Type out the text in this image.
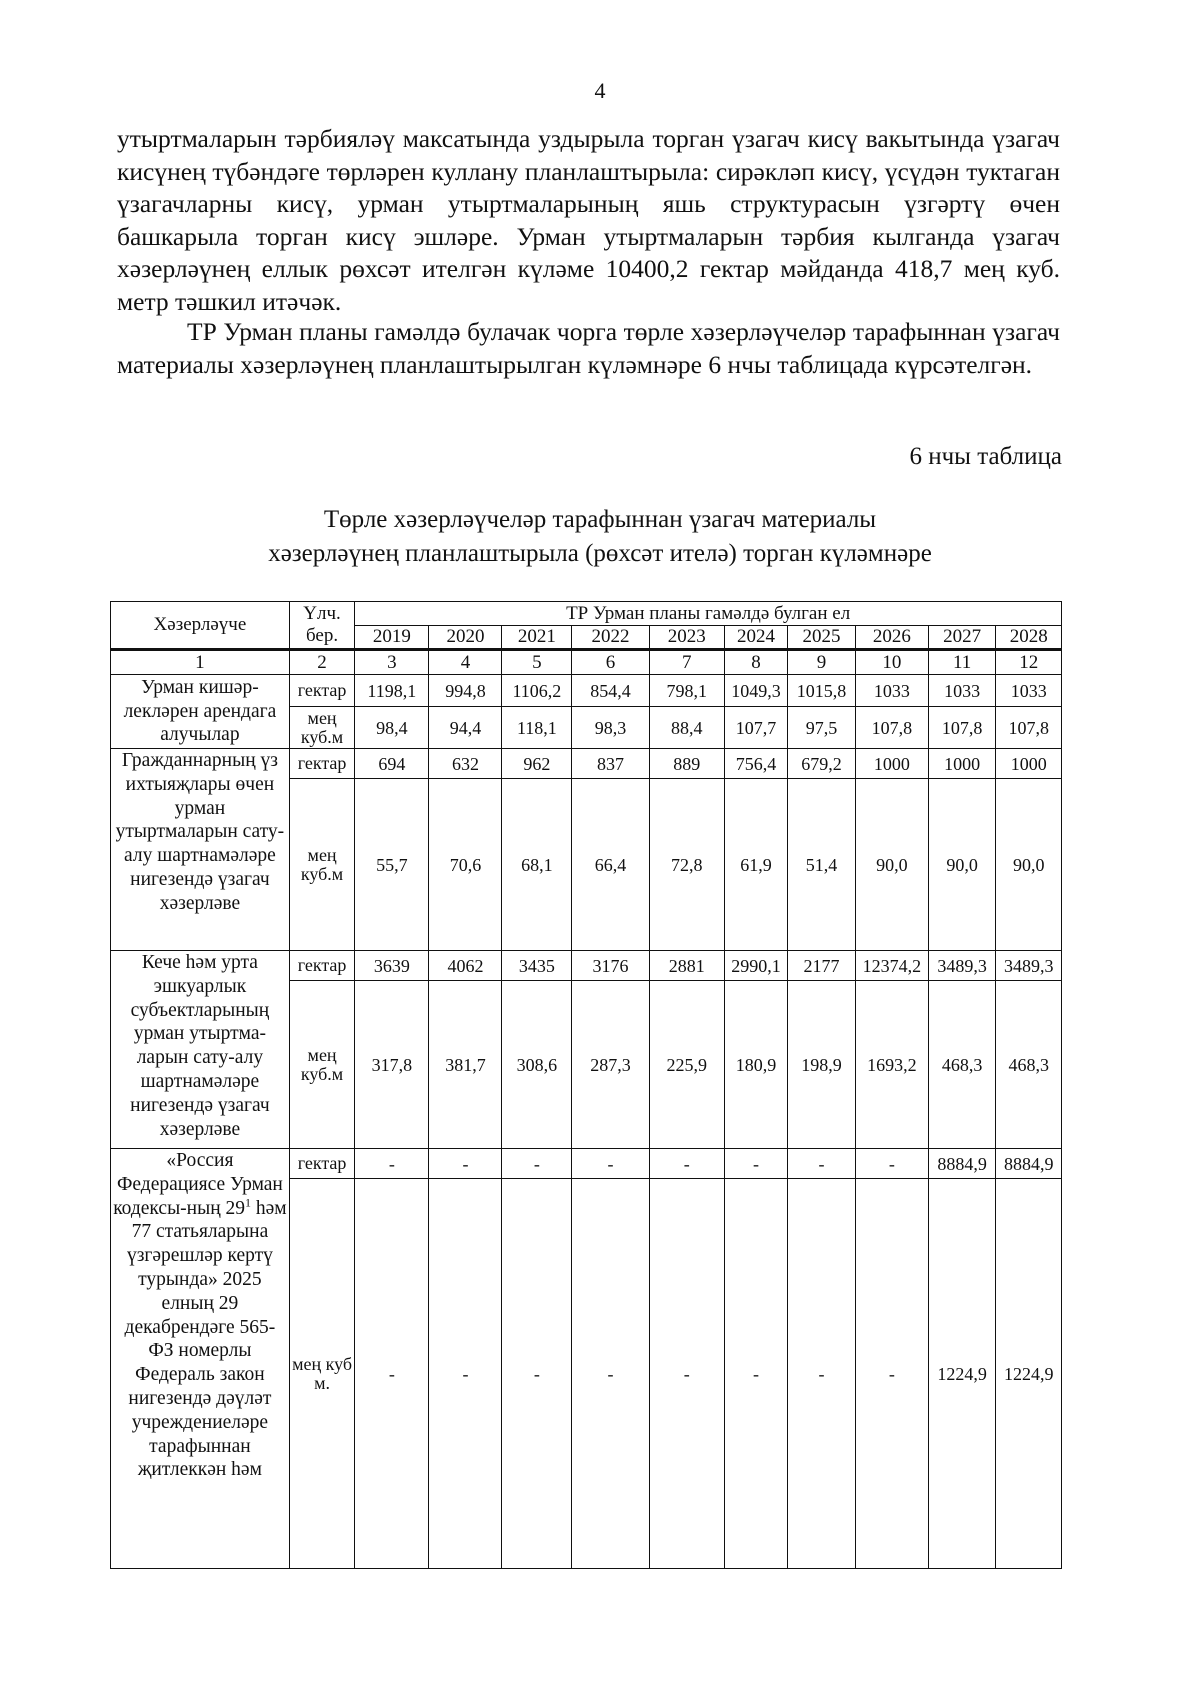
4
утыртмаларын тәрбияләү максатында уздырыла торган үзагач кисү вакытында үзагач кисүнең түбәндәге төрләрен куллану планлаштырыла: сирәкләп кисү, үсүдән туктаган үзагачларны кисү, урман утыртмаларының яшь структурасын үзгәртү өчен башкарыла торган кисү эшләре. Урман утыртмаларын тәрбия кылганда үзагач хәзерләүнең еллык рөхсәт ителгән күләме 10400,2 гектар мәйданда 418,7 мең куб. метр тәшкил итәчәк.
ТР Урман планы гамәлдә булачак чорга төрле хәзерләүчеләр тарафыннан үзагач материалы хәзерләүнең планлаштырылган күләмнәре 6 нчы таблицада күрсәтелгән.
6 нчы таблица
Төрле хәзерләүчеләр тарафыннан үзагач материалы
хәзерләүнең планлаштырыла (рөхсәт ителә) торган күләмнәре
Хәзерләүче	Үлч. бер.	ТР Урман планы гамәлдә булган ел									
		2019	2020	2021	2022	2023	2024	2025	2026	2027	2028
1	2	3	4	5	6	7	8	9	10	11	12
Урман кишәр-лекләрен арендага алучылар	гектар	1198,1	994,8	1106,2	854,4	798,1	1049,3	1015,8	1033	1033	1033
	мең куб.м	98,4	94,4	118,1	98,3	88,4	107,7	97,5	107,8	107,8	107,8
Гражданнарның үз ихтыяҗлары өчен урман утыртмаларын сату-алу шартнамәләре нигезендә үзагач хәзерләве	гектар	694	632	962	837	889	756,4	679,2	1000	1000	1000
	мең куб.м	55,7	70,6	68,1	66,4	72,8	61,9	51,4	90,0	90,0	90,0
Кече һәм урта эшкуарлык субъектларының урман утыртма-ларын сату-алу шартнамәләре нигезендә үзагач хәзерләве	гектар	3639	4062	3435	3176	2881	2990,1	2177	12374,2	3489,3	3489,3
	мең куб.м	317,8	381,7	308,6	287,3	225,9	180,9	198,9	1693,2	468,3	468,3
«Россия Федерациясе Урман кодексы-ның $29^1$ һәм 77 статьяларына үзгәрешләр кертү турында» 2025 елның 29 декабрендәге 565-ФЗ номерлы Федераль закон нигезендә дәүләт учреждениеләре тарафыннан җитлеккән һәм	гектар	-	-	-	-	-	-	-	-	8884,9	8884,9
	мең куб м.	-	-	-	-	-	-	-	-	1224,9	1224,9
